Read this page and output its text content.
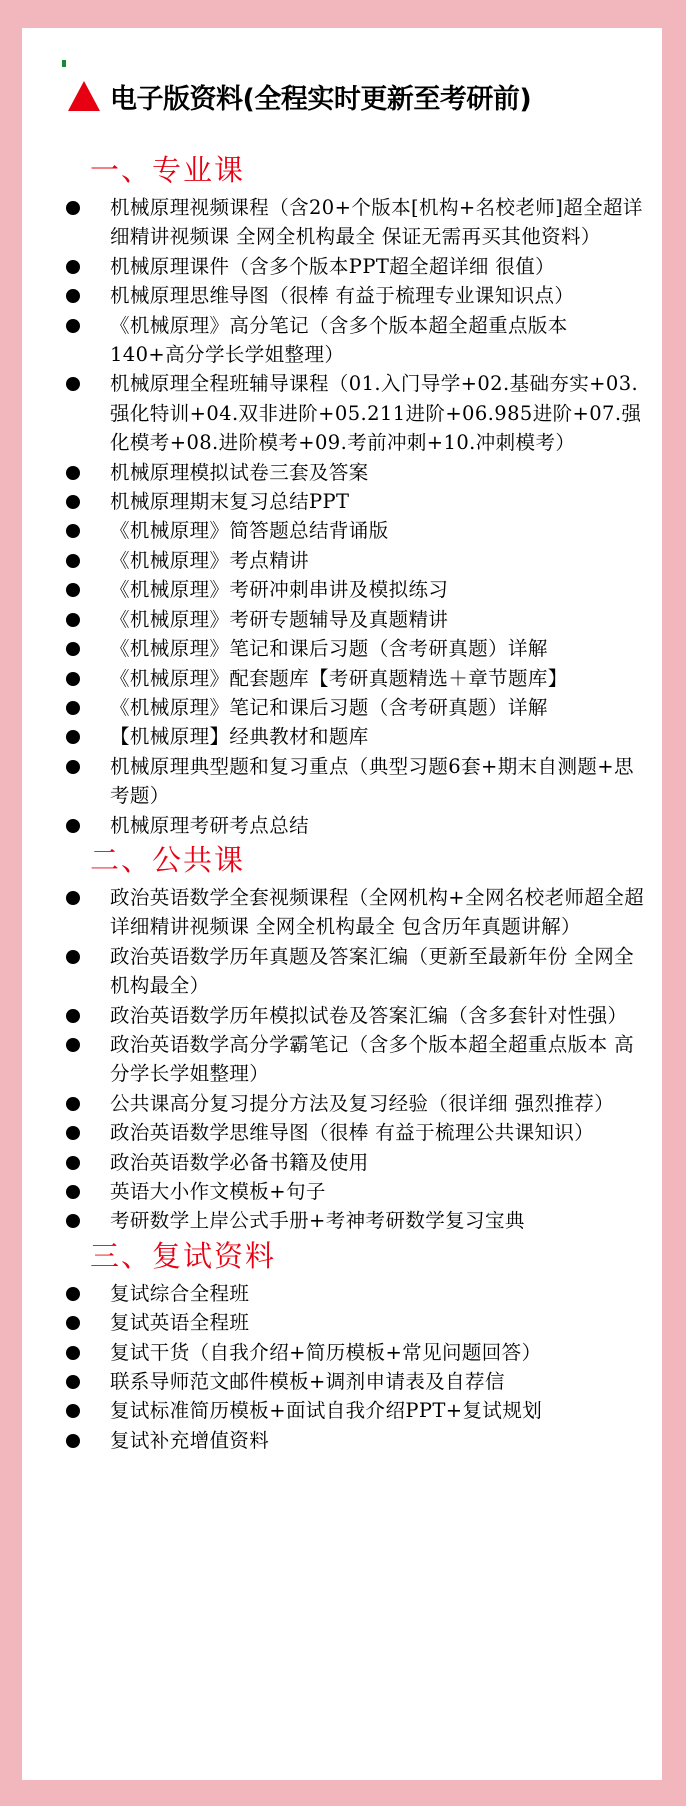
电子版资料(全程实时更新至考研前)
一、专业课
机械原理视频课程（含20+个版本[机构+名校老师]超全超详细精讲视频课 全网全机构最全 保证无需再买其他资料）
机械原理课件（含多个版本PPT超全超详细 很值）
机械原理思维导图（很棒 有益于梳理专业课知识点）
《机械原理》高分笔记（含多个版本超全超重点版本 140+高分学长学姐整理）
机械原理全程班辅导课程（01.入门导学+02.基础夯实+03.强化特训+04.双非进阶+05.211进阶+06.985进阶+07.强化模考+08.进阶模考+09.考前冲刺+10.冲刺模考）
机械原理模拟试卷三套及答案
机械原理期末复习总结PPT
《机械原理》简答题总结背诵版
《机械原理》考点精讲
《机械原理》考研冲刺串讲及模拟练习
《机械原理》考研专题辅导及真题精讲
《机械原理》笔记和课后习题（含考研真题）详解
《机械原理》配套题库【考研真题精选＋章节题库】
《机械原理》笔记和课后习题（含考研真题）详解
【机械原理】经典教材和题库
机械原理典型题和复习重点（典型习题6套+期末自测题+思考题）
机械原理考研考点总结
二、公共课
政治英语数学全套视频课程（全网机构+全网名校老师超全超详细精讲视频课 全网全机构最全 包含历年真题讲解）
政治英语数学历年真题及答案汇编（更新至最新年份 全网全机构最全）
政治英语数学历年模拟试卷及答案汇编（含多套针对性强）
政治英语数学高分学霸笔记（含多个版本超全超重点版本 高分学长学姐整理）
公共课高分复习提分方法及复习经验（很详细 强烈推荐）
政治英语数学思维导图（很棒 有益于梳理公共课知识）
政治英语数学必备书籍及使用
英语大小作文模板+句子
考研数学上岸公式手册+考神考研数学复习宝典
三、复试资料
复试综合全程班
复试英语全程班
复试干货（自我介绍+简历模板+常见问题回答）
联系导师范文邮件模板+调剂申请表及自荐信
复试标准简历模板+面试自我介绍PPT+复试规划
复试补充增值资料
